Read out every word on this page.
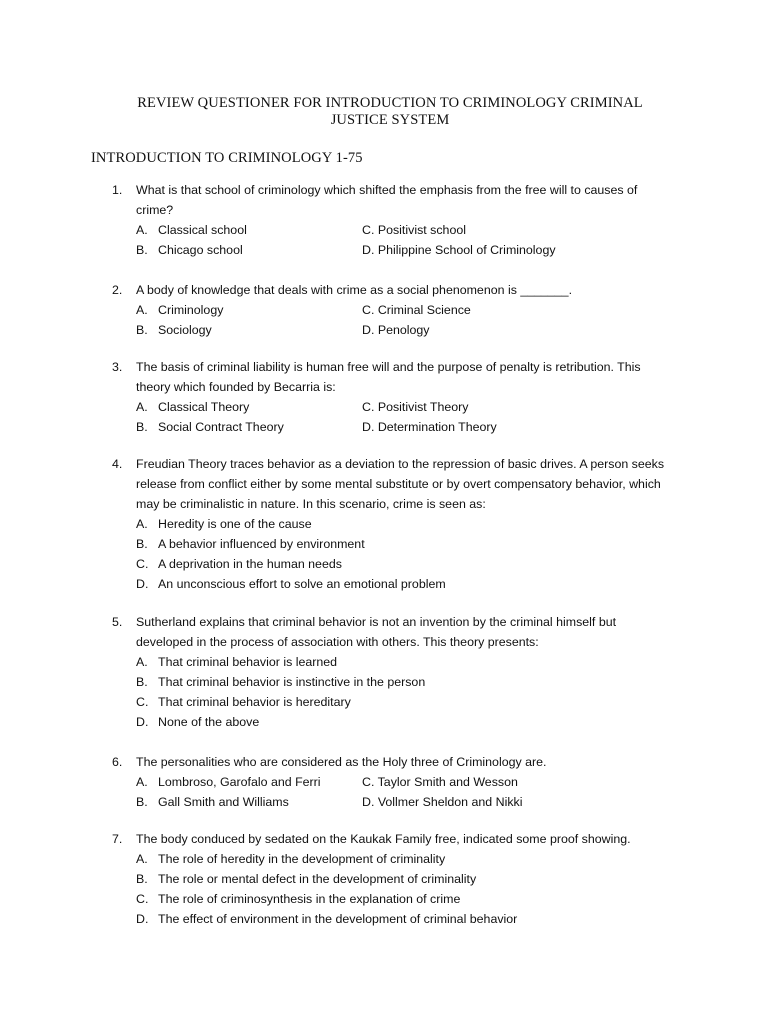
REVIEW QUESTIONER FOR INTRODUCTION TO CRIMINOLOGY CRIMINAL
JUSTICE SYSTEM
INTRODUCTION TO CRIMINOLOGY 1-75
1.	What is that school of criminology which shifted the emphasis from the free will to causes of
crime?
A. Classical school
B. Chicago school
C. Positivist school
D. Philippine School of Criminology
2.	A body of knowledge that deals with crime as a social phenomenon is _______.
A. Criminology
B. Sociology
C. Criminal Science
D. Penology
3.	The basis of criminal liability is human free will and the purpose of penalty is retribution. This
theory which founded by Becarria is:
A. Classical Theory
B. Social Contract Theory
C. Positivist Theory
D. Determination Theory
4.	Freudian Theory traces behavior as a deviation to the repression of basic drives. A person seeks
release from conflict either by some mental substitute or by overt compensatory behavior, which
may be criminalistic in nature. In this scenario, crime is seen as:
A. Heredity is one of the cause
B. A behavior influenced by environment
C. A deprivation in the human needs
D. An unconscious effort to solve an emotional problem
5.	Sutherland explains that criminal behavior is not an invention by the criminal himself but
developed in the process of association with others. This theory presents:
A. That criminal behavior is learned
B. That criminal behavior is instinctive in the person
C. That criminal behavior is hereditary
D. None of the above
6.	The personalities who are considered as the Holy three of Criminology are.
A. Lombroso, Garofalo and Ferri
B. Gall Smith and Williams
C. Taylor Smith and Wesson
D. Vollmer Sheldon and Nikki
7.	The body conduced by sedated on the Kaukak Family free, indicated some proof showing.
A. The role of heredity in the development of criminality
B. The role or mental defect in the development of criminality
C. The role of criminosynthesis in the explanation of crime
D. The effect of environment in the development of criminal behavior
